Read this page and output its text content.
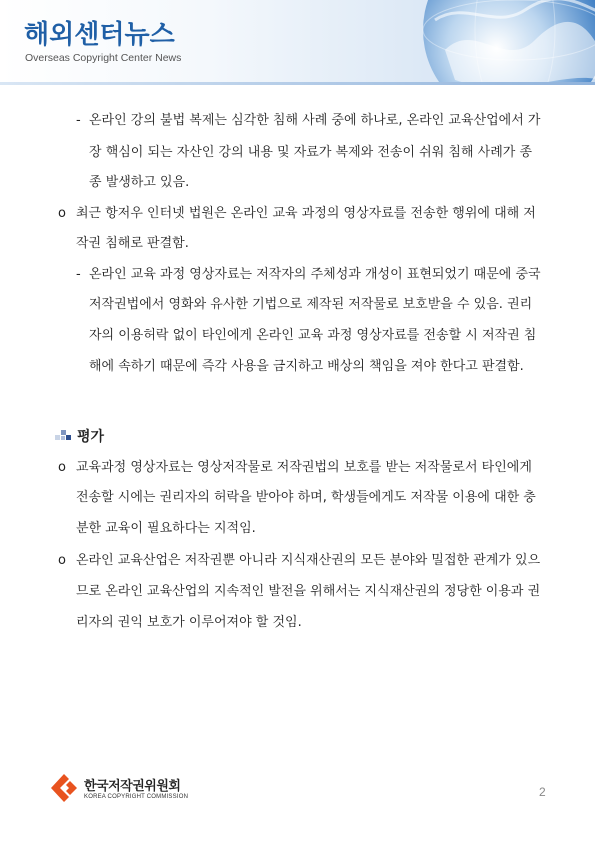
해외센터뉴스
Overseas Copyright Center News
- 온라인 강의 불법 복제는 심각한 침해 사례 중에 하나로, 온라인 교육산업에서 가
장 핵심이 되는 자산인 강의 내용 및 자료가 복제와 전송이 쉬워 침해 사례가 종
종 발생하고 있음.
o 최근 항저우 인터넷 법원은 온라인 교육 과정의 영상자료를 전송한 행위에 대해 저
작권 침해로 판결함.
- 온라인 교육 과정 영상자료는 저작자의 주체성과 개성이 표현되었기 때문에 중국
저작권법에서 영화와 유사한 기법으로 제작된 저작물로 보호받을 수 있음. 권리
자의 이용허락 없이 타인에게 온라인 교육 과정 영상자료를 전송할 시 저작권 침
해에 속하기 때문에 즉각 사용을 금지하고 배상의 책임을 져야 한다고 판결함.
평가
o 교육과정 영상자료는 영상저작물로 저작권법의 보호를 받는 저작물로서 타인에게
전송할 시에는 권리자의 허락을 받아야 하며, 학생들에게도 저작물 이용에 대한 충
분한 교육이 필요하다는 지적임.
o 온라인 교육산업은 저작권뿐 아니라 지식재산권의 모든 분야와 밀접한 관계가 있으
므로 온라인 교육산업의 지속적인 발전을 위해서는 지식재산권의 정당한 이용과 권
리자의 권익 보호가 이루어져야 할 것임.
한국저작권위원회
KOREA COPYRIGHT COMMISSION	2
